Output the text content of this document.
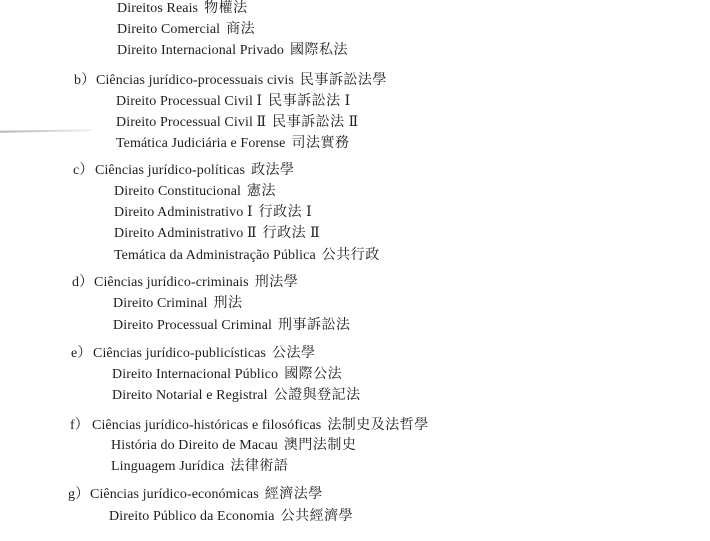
Direitos Reais 物權法
Direito Comercial 商法
Direito Internacional Privado 國際私法
b）Ciências jurídico-processuais civis 民事訴訟法學
Direito Processual Civil Ⅰ 民事訴訟法 Ⅰ
Direito Processual Civil Ⅱ 民事訴訟法 Ⅱ
Temática Judiciária e Forense 司法實務
c） Ciências jurídico-políticas 政法學
Direito Constitucional 憲法
Direito Administrativo Ⅰ 行政法 Ⅰ
Direito Administrativo Ⅱ 行政法 Ⅱ
Temática da Administração Pública 公共行政
d）Ciências jurídico-criminais 刑法學
Direito Criminal 刑法
Direito Processual Criminal 刑事訴訟法
e） Ciências jurídico-publicísticas 公法學
Direito Internacional Público 國際公法
Direito Notarial e Registral 公證與登記法
f） Ciências jurídico-históricas e filosóficas 法制史及法哲學
História do Direito de Macau 澳門法制史
Linguagem Jurídica 法律術語
g）Ciências jurídico-económicas 經濟法學
Direito Público da Economia 公共經濟學
